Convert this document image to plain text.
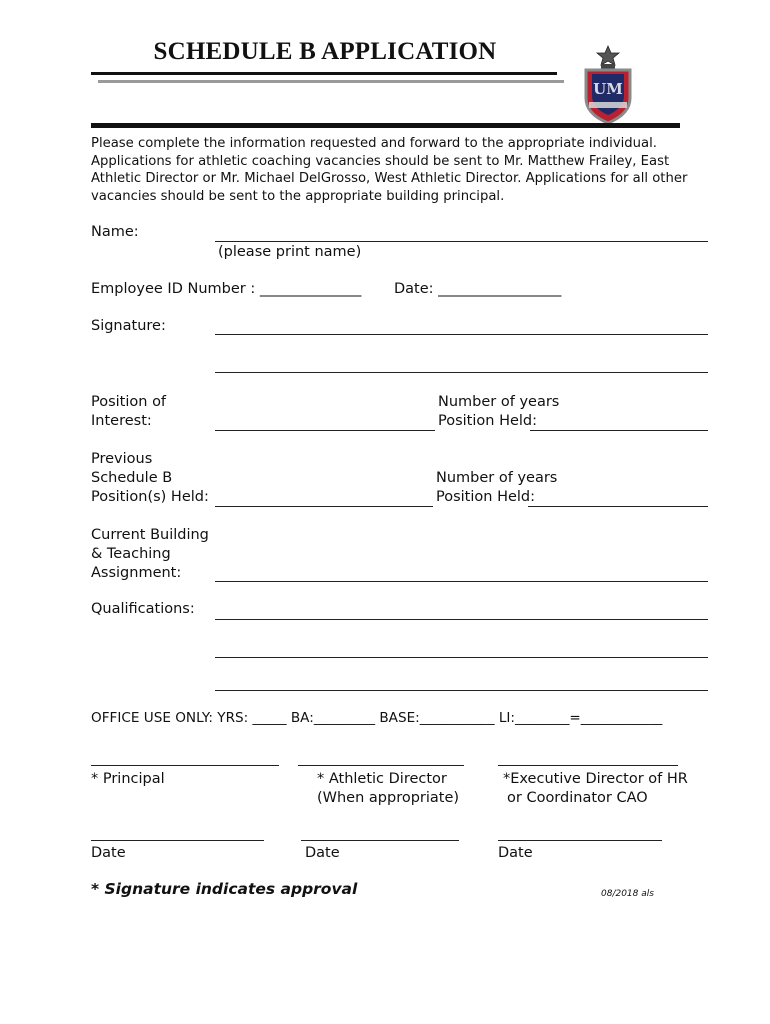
SCHEDULE B APPLICATION
UM
Please complete the information requested and forward to the appropriate individual. Applications for athletic coaching vacancies should be sent to Mr. Matthew Frailey, East Athletic Director or Mr. Michael DelGrosso, West Athletic Director. Applications for all other vacancies should be sent to the appropriate building principal.
Name:
(please print name)
Employee ID Number : ______________ Date: _________________
Signature:
Position of
Interest:
Number of years
Position Held:
Previous
Schedule B
Position(s) Held:
Number of years
Position Held:
Current Building
& Teaching
Assignment:
Qualifications:
OFFICE USE ONLY: YRS: _____ BA:_________ BASE:___________ LI:________=____________
* Principal	* Athletic Director
(When appropriate)
*Executive Director of HR
or Coordinator CAO
Date	Date	Date
* Signature indicates approval	08/2018 als
